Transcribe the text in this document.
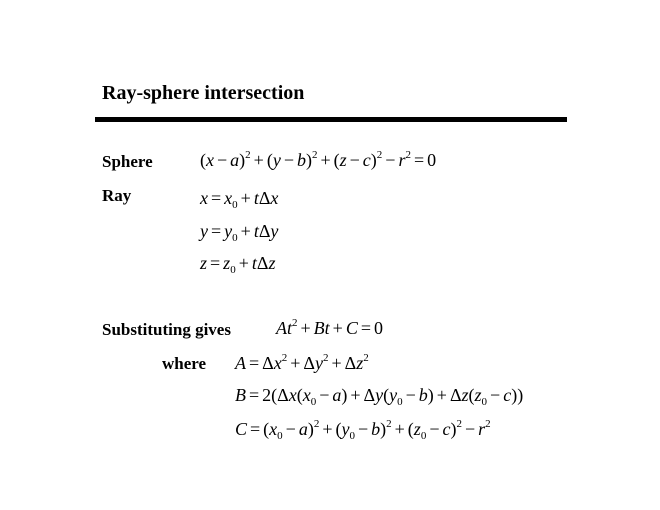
Ray-sphere intersection
Sphere	$(x - a)^2 + (y - b)^2 + (z - c)^2 - r^2 = 0$
Ray	$x = x_0 + t\Delta x$
$y = y_0 + t\Delta y$
$z = z_0 + t\Delta z$
Substituting gives	$At^2 + Bt + C = 0$
where $A = \Delta x^2 + \Delta y^2 + \Delta z^2$
$B = 2(\Delta x(x_0 - a) + \Delta y(y_0 - b) + \Delta z(z_0 - c))$
$C = (x_0 - a)^2 + (y_0 - b)^2 + (z_0 - c)^2 - r^2$
